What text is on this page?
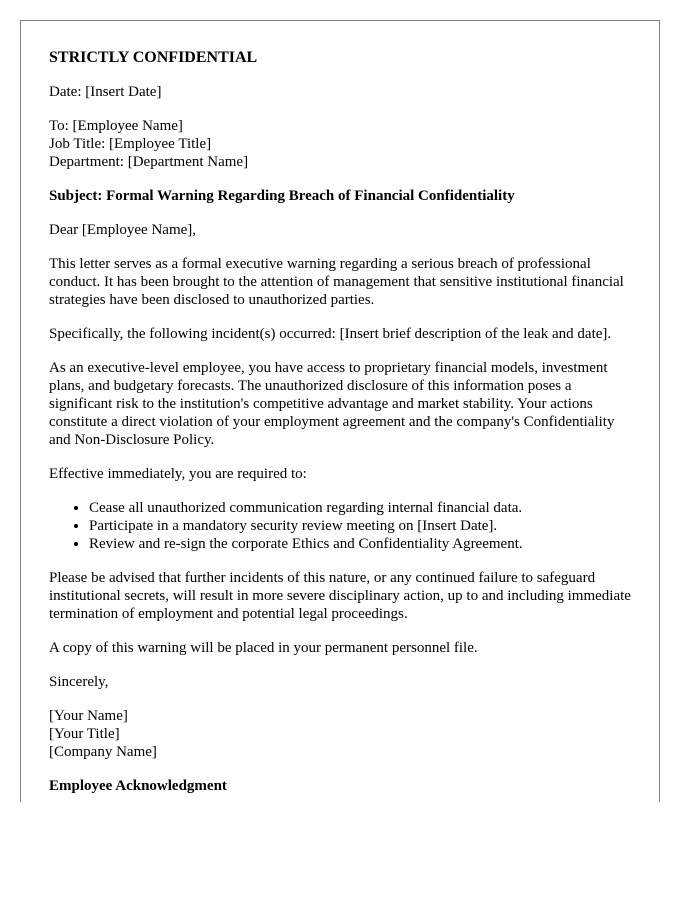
STRICTLY CONFIDENTIAL

Date: [Insert Date]

To: [Employee Name]
Job Title: [Employee Title]
Department: [Department Name]

Subject: Formal Warning Regarding Breach of Financial Confidentiality

Dear [Employee Name],

This letter serves as a formal executive warning regarding a serious breach of professional conduct. It has been brought to the attention of management that sensitive institutional financial strategies have been disclosed to unauthorized parties.

Specifically, the following incident(s) occurred: [Insert brief description of the leak and date].

As an executive-level employee, you have access to proprietary financial models, investment plans, and budgetary forecasts. The unauthorized disclosure of this information poses a significant risk to the institution's competitive advantage and market stability. Your actions constitute a direct violation of your employment agreement and the company's Confidentiality and Non-Disclosure Policy.

Effective immediately, you are required to:

• Cease all unauthorized communication regarding internal financial data.
• Participate in a mandatory security review meeting on [Insert Date].
• Review and re-sign the corporate Ethics and Confidentiality Agreement.

Please be advised that further incidents of this nature, or any continued failure to safeguard institutional secrets, will result in more severe disciplinary action, up to and including immediate termination of employment and potential legal proceedings.

A copy of this warning will be placed in your permanent personnel file.

Sincerely,

[Your Name]
[Your Title]
[Company Name]

Employee Acknowledgment
